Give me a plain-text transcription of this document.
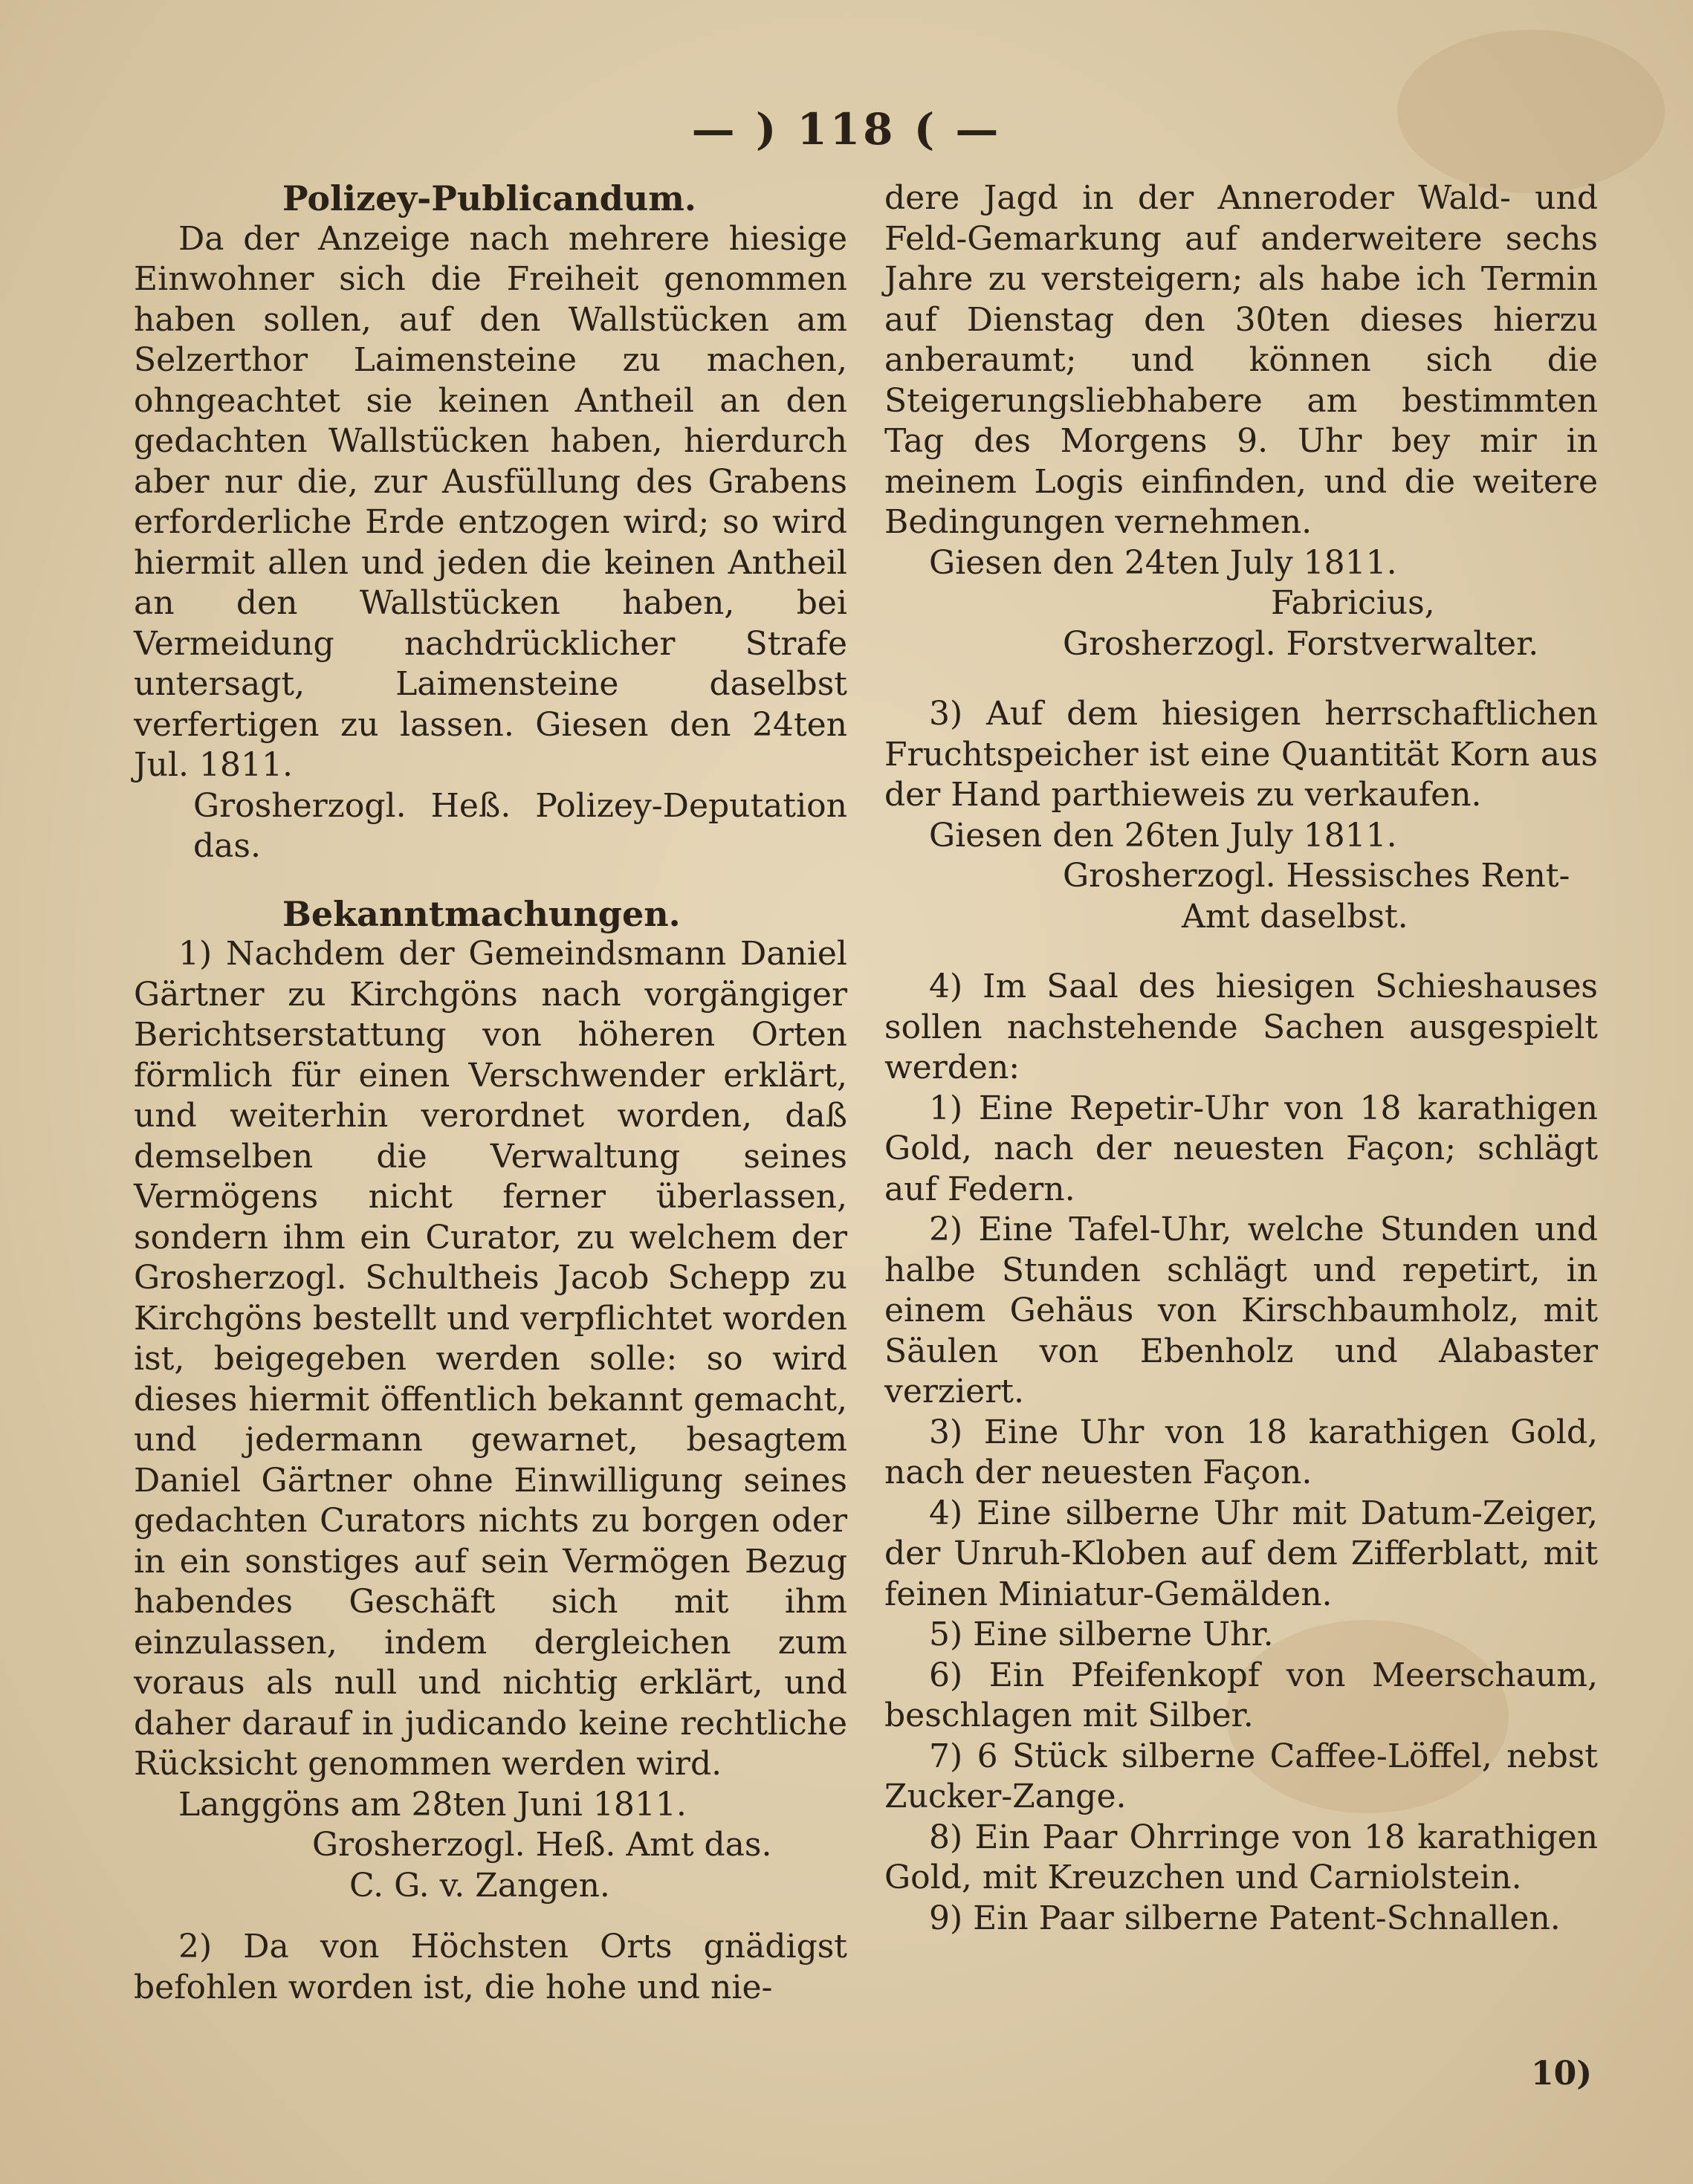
— ) 118 ( —

Polizey-Publicandum.

Da der Anzeige nach mehrere hiesige Einwohner sich die Freiheit genommen haben sollen, auf den Wallstücken am Selzerthor Laimensteine zu machen, ohngeachtet sie keinen Antheil an den gedachten Wallstücken haben, hierdurch aber nur die, zur Ausfüllung des Grabens erforderliche Erde entzogen wird; so wird hiermit allen und jeden die keinen Antheil an den Wallstücken haben, bei Vermeidung nachdrücklicher Strafe untersagt, Laimensteine daselbst verfertigen zu lassen. Giesen den 24ten Jul. 1811.

Grosherzogl. Heß. Polizey-Deputation das.

Bekanntmachungen.

1) Nachdem der Gemeindsmann Daniel Gärtner zu Kirchgöns nach vorgängiger Berichtserstattung von höheren Orten förmlich für einen Verschwender erklärt, und weiterhin verordnet worden, daß demselben die Verwaltung seines Vermögens nicht ferner überlassen, sondern ihm ein Curator, zu welchem der Grosherzogl. Schultheis Jacob Schepp zu Kirchgöns bestellt und verpflichtet worden ist, beigegeben werden solle: so wird dieses hiermit öffentlich bekannt gemacht, und jedermann gewarnet, besagtem Daniel Gärtner ohne Einwilligung seines gedachten Curators nichts zu borgen oder in ein sonstiges auf sein Vermögen Bezug habendes Geschäft sich mit ihm einzulassen, indem dergleichen zum voraus als null und nichtig erklärt, und daher darauf in judicando keine rechtliche Rücksicht genommen werden wird.

Langgöns am 28ten Juni 1811.

Grosherzogl. Heß. Amt das.

C. G. v. Zangen.

2) Da von Höchsten Orts gnädigst befohlen worden ist, die hohe und nie-

dere Jagd in der Anneroder Wald- und Feld-Gemarkung auf anderweitere sechs Jahre zu versteigern; als habe ich Termin auf Dienstag den 30ten dieses hierzu anberaumt; und können sich die Steigerungsliebhabere am bestimmten Tag des Morgens 9. Uhr bey mir in meinem Logis einfinden, und die weitere Bedingungen vernehmen.

Giesen den 24ten July 1811.

Fabricius,

Grosherzogl. Forstverwalter.

3) Auf dem hiesigen herrschaftlichen Fruchtspeicher ist eine Quantität Korn aus der Hand parthieweis zu verkaufen.

Giesen den 26ten July 1811.

Grosherzogl. Hessisches Rent-

Amt daselbst.

4) Im Saal des hiesigen Schieshauses sollen nachstehende Sachen ausgespielt werden:

1) Eine Repetir-Uhr von 18 karathigen Gold, nach der neuesten Façon; schlägt auf Federn.

2) Eine Tafel-Uhr, welche Stunden und halbe Stunden schlägt und repetirt, in einem Gehäus von Kirschbaumholz, mit Säulen von Ebenholz und Alabaster verziert.

3) Eine Uhr von 18 karathigen Gold, nach der neuesten Façon.

4) Eine silberne Uhr mit Datum-Zeiger, der Unruh-Kloben auf dem Zifferblatt, mit feinen Miniatur-Gemälden.

5) Eine silberne Uhr.

6) Ein Pfeifenkopf von Meerschaum, beschlagen mit Silber.

7) 6 Stück silberne Caffee-Löffel, nebst Zucker-Zange.

8) Ein Paar Ohrringe von 18 karathigen Gold, mit Kreuzchen und Carniolstein.

9) Ein Paar silberne Patent-Schnallen.

10)
